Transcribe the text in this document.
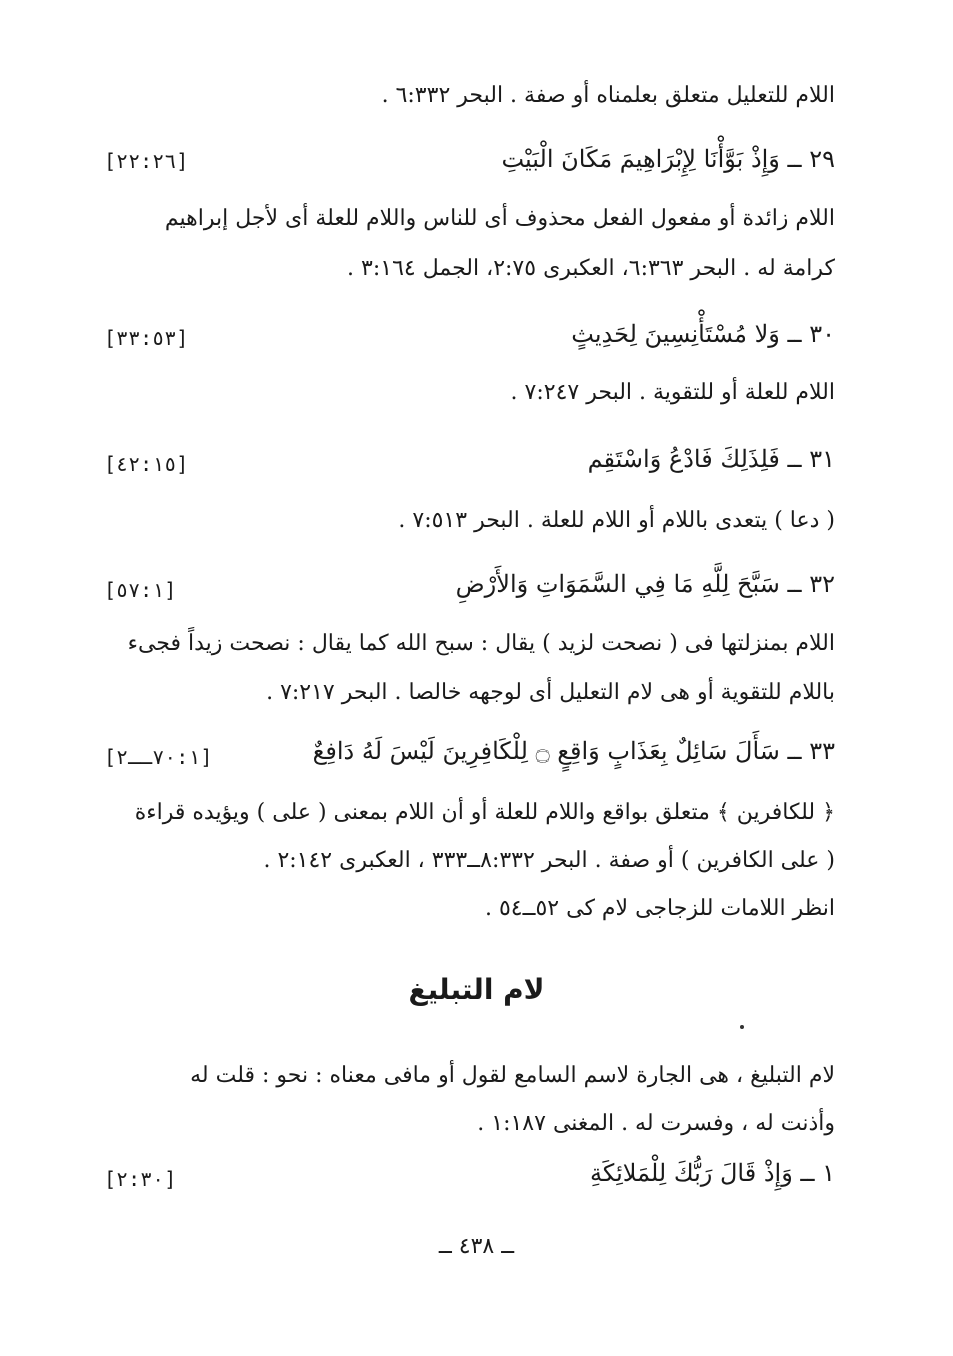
اللام للتعليل متعلق بعلمناه أو صفة . البحر ٦:٣٣٢ .
٢٩ ــ وَإِذْ بَوَّأْنَا لِإِبْرَاهِيمَ مَكَانَ الْبَيْتِ
[٢٢:٢٦]
اللام زائدة أو مفعول الفعل محذوف أى للناس واللام للعلة أى لأجل إبراهيم
كرامة له . البحر ٦:٣٦٣، العكبرى ٢:٧٥، الجمل ٣:١٦٤ .
٣٠ ــ وَلا مُسْتَأْنِسِينَ لِحَدِيثٍ
[٣٣:٥٣]
اللام للعلة أو للتقوية . البحر ٧:٢٤٧ .
٣١ ــ فَلِذَلِكَ فَادْعُ وَاسْتَقِم
[٤٢:١٥]
( دعا ) يتعدى باللام أو اللام للعلة . البحر ٧:٥١٣ .
٣٢ ــ سَبَّحَ لِلَّهِ مَا فِي السَّمَوَاتِ وَالأَرْضِ
[٥٧:١]
اللام بمنزلتها فى ( نصحت لزيد ) يقال : سبح الله كما يقال : نصحت زيداً فجىء
باللام للتقوية أو هى لام التعليل أى لوجهه خالصا . البحر ٧:٢١٧ .
٣٣ ــ سَأَلَ سَائِلٌ بِعَذَابٍ وَاقِعٍ ۝ لِلْكَافِرِينَ لَيْسَ لَهُ دَافِعٌ
[٧٠:١ــ٢]
﴿ للكافرين ﴾ متعلق بواقع واللام للعلة أو أن اللام بمعنى ( على ) ويؤيده قراءة
( على الكافرين ) أو صفة . البحر ٨:٣٣٢ــ٣٣٣ ، العكبرى ٢:١٤٢ .
انظر اللامات للزجاجى لام كى ٥٢ــ٥٤ .
لام التبليغ
لام التبليغ ، هى الجارة لاسم السامع لقول أو مافى معناه : نحو : قلت له
وأذنت له ، وفسرت له . المغنى ١:١٨٧ .
١ ــ وَإِذْ قَالَ رَبُّكَ لِلْمَلائِكَةِ
[٢:٣٠]
ــ ٤٣٨ ــ
